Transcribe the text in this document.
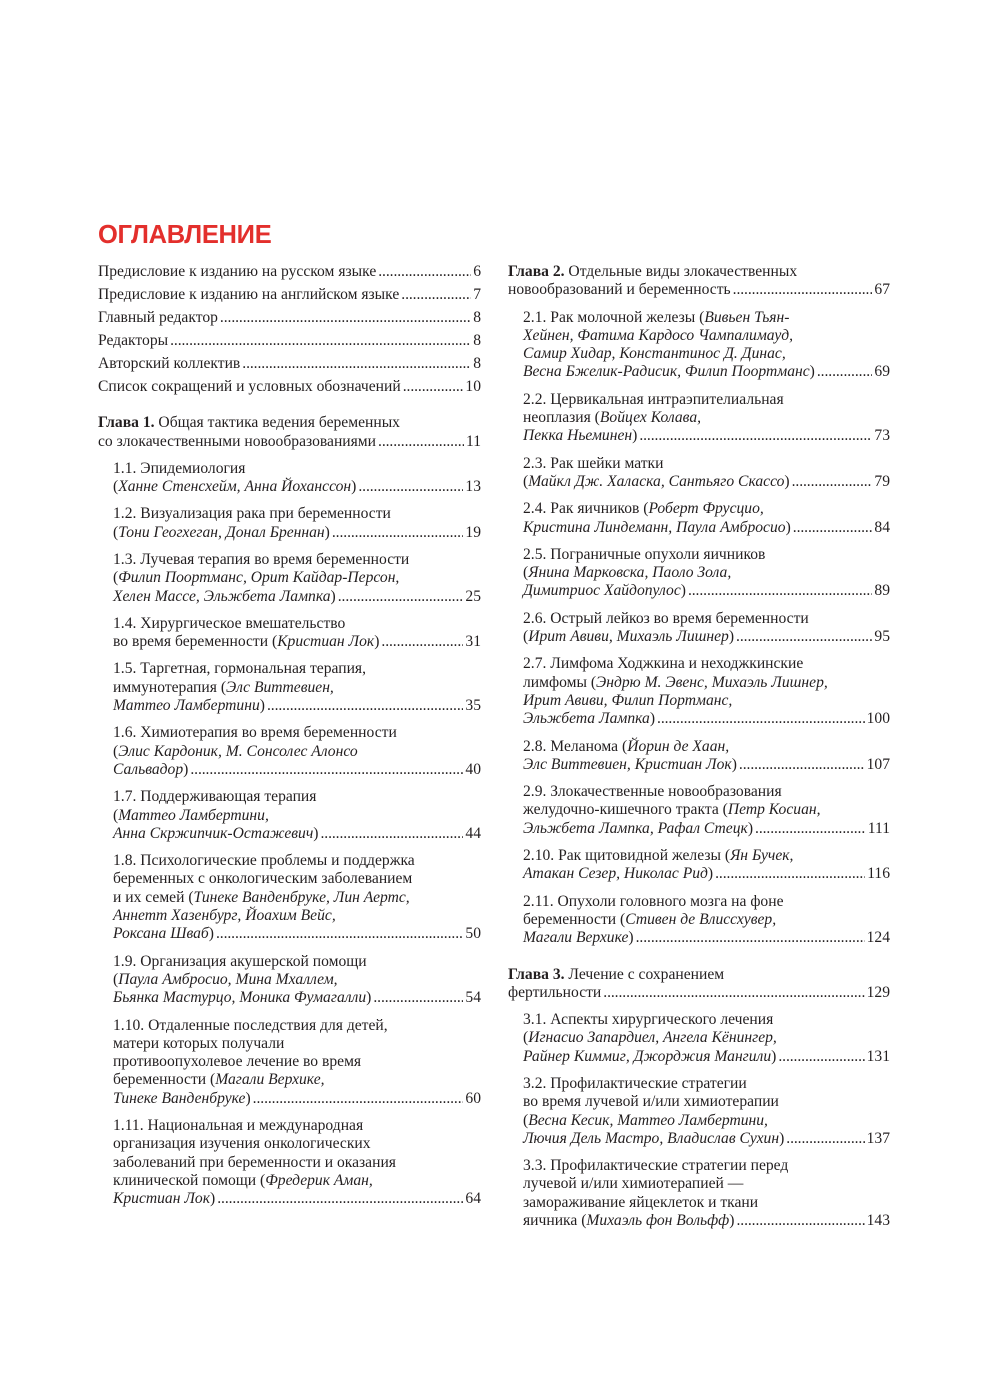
ОГЛАВЛЕНИЕ
Предисловие к изданию на русском языке . . .	6
Предисловие к изданию на английском языке . . .	7
Главный редактор . . .	8
Редакторы . . .	8
Авторский коллектив . . .	8
Список сокращений и условных обозначений . . .	10
Глава 1. Общая тактика ведения беременных
со злокачественными новообразованиями . . .	11
1.1. Эпидемиология
(Ханне Стенсхейм, Анна Йоханссон) . . .	13
1.2. Визуализация рака при беременности
(Тони Геогхеган, Донал Бреннан) . . .	19
1.3. Лучевая терапия во время беременности
(Филип Поортманс, Орит Кайдар-Персон,
Хелен Массе, Эльжбета Лампка) . . .	25
1.4. Хирургическое вмешательство
во время беременности (Кристиан Лок) . . .	31
1.5. Таргетная, гормональная терапия,
иммунотерапия (Элс Виттевиен,
Маттео Ламбертини) . . .	35
1.6. Химиотерапия во время беременности
(Элис Кардоник, М. Сонсолес Алонсо
Сальвадор) . . .	40
1.7. Поддерживающая терапия
(Маттео Ламбертини,
Анна Скржипчик-Остажевич) . . .	44
1.8. Психологические проблемы и поддержка
беременных с онкологическим заболеванием
и их семей (Тинеке Ванденбруке, Лин Аертс,
Аннетт Хазенбург, Йоахим Вейс,
Роксана Шваб) . . .	50
1.9. Организация акушерской помощи
(Паула Амбросио, Мина Мхаллем,
Бьянка Мастурцо, Моника Фумагалли) . . .	54
1.10. Отдаленные последствия для детей,
матери которых получали
противоопухолевое лечение во время
беременности (Магали Верхике,
Тинеке Ванденбруке) . . .	60
1.11. Национальная и международная
организация изучения онкологических
заболеваний при беременности и оказания
клинической помощи (Фредерик Аман,
Кристиан Лок) . . .	64
Глава 2. Отдельные виды злокачественных
новообразований и беременность . . .	67
2.1. Рак молочной железы (Вивьен Тьян-
Хейнен, Фатима Кардосо Чампалимауд,
Самир Хидар, Константинос Д. Динас,
Весна Бжелик-Радисик, Филип Поортманс) . . .	69
2.2. Цервикальная интраэпителиальная
неоплазия (Войцех Колава,
Пекка Ньеминен) . . .	73
2.3. Рак шейки матки
(Майкл Дж. Халаска, Сантьяго Скассо) . . .	79
2.4. Рак яичников (Роберт Фрусцио,
Кристина Линдеманн, Паула Амбросио) . . .	84
2.5. Пограничные опухоли яичников
(Янина Марковска, Паоло Зола,
Димитриос Хайдопулос) . . .	89
2.6. Острый лейкоз во время беременности
(Ирит Авиви, Михаэль Лишнер) . . .	95
2.7. Лимфома Ходжкина и неходжкинские
лимфомы (Эндрю М. Эвенс, Михаэль Лишнер,
Ирит Авиви, Филип Портманс,
Эльжбета Лампка) . . .	100
2.8. Меланома (Йорин де Хаан,
Элс Виттевиен, Кристиан Лок) . . .	107
2.9. Злокачественные новообразования
желудочно-кишечного тракта (Петр Косиан,
Эльжбета Лампка, Рафал Стецк) . . .	111
2.10. Рак щитовидной железы (Ян Бучек,
Атакан Сезер, Николас Рид) . . .	116
2.11. Опухоли головного мозга на фоне
беременности (Стивен де Влиссхувер,
Магали Верхике) . . .	124
Глава 3. Лечение с сохранением
фертильности . . .	129
3.1. Аспекты хирургического лечения
(Игнасио Запардиел, Ангела Кёнингер,
Райнер Киммиг, Джорджия Мангили) . . .	131
3.2. Профилактические стратегии
во время лучевой и/или химиотерапии
(Весна Кесик, Маттео Ламбертини,
Лючия Дель Мастро, Владислав Сухин) . . .	137
3.3. Профилактические стратегии перед
лучевой и/или химиотерапией —
замораживание яйцеклеток и ткани
яичника (Михаэль фон Вольфф) . . .	143
